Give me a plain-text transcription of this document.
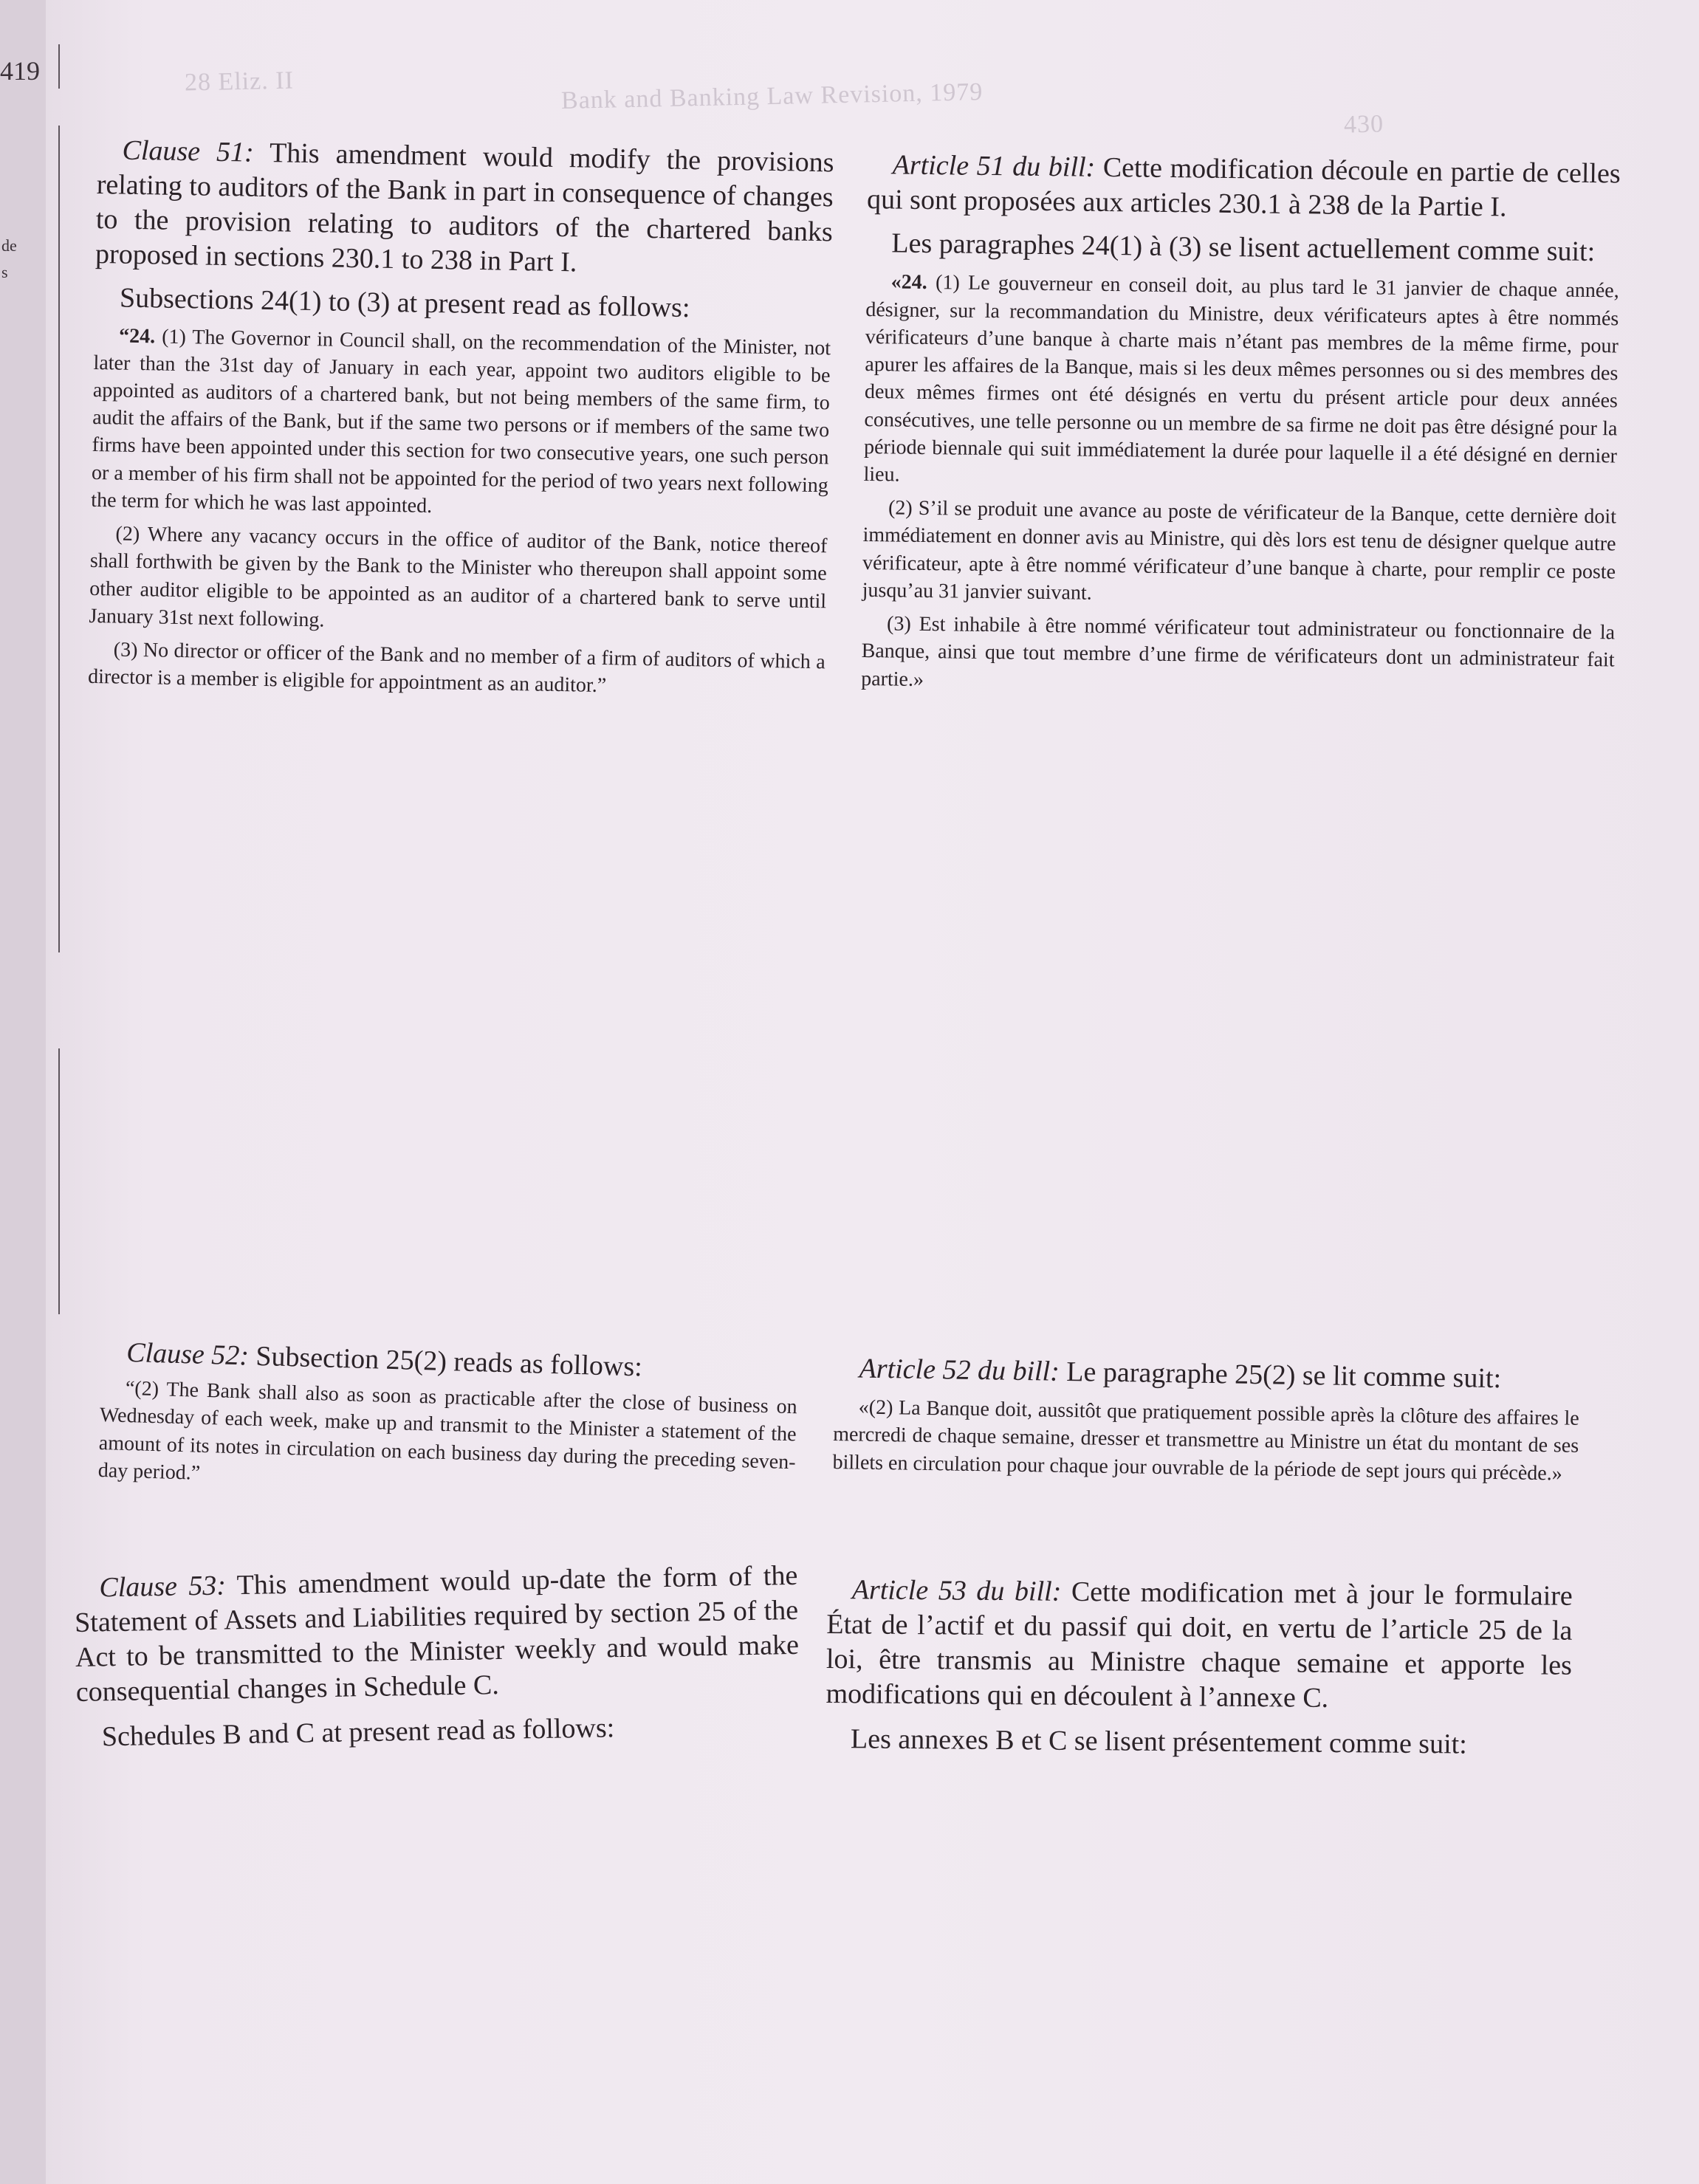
419
de
s
28 Eliz. II	Bank and Banking Law Revision, 1979
430

Clause 51: This amendment would modify the provisions relating to auditors of the Bank in part in consequence of changes to the provision relating to auditors of the chartered banks proposed in sections 230.1 to 238 in Part I.

Subsections 24(1) to (3) at present read as follows:

“24. (1) The Governor in Council shall, on the recommendation of the Minister, not later than the 31st day of January in each year, appoint two auditors eligible to be appointed as auditors of a chartered bank, but not being members of the same firm, to audit the affairs of the Bank, but if the same two persons or if members of the same two firms have been appointed under this section for two consecutive years, one such person or a member of his firm shall not be appointed for the period of two years next following the term for which he was last appointed.

(2) Where any vacancy occurs in the office of auditor of the Bank, notice thereof shall forthwith be given by the Bank to the Minister who thereupon shall appoint some other auditor eligible to be appointed as an auditor of a chartered bank to serve until January 31st next following.

(3) No director or officer of the Bank and no member of a firm of auditors of which a director is a member is eligible for appointment as an auditor.”

Clause 52: Subsection 25(2) reads as follows:

“(2) The Bank shall also as soon as practicable after the close of business on Wednesday of each week, make up and transmit to the Minister a statement of the amount of its notes in circulation on each business day during the preceding seven-day period.”

Clause 53: This amendment would up-date the form of the Statement of Assets and Liabilities required by section 25 of the Act to be transmitted to the Minister weekly and would make consequential changes in Schedule C.

Schedules B and C at present read as follows:

Article 51 du bill: Cette modification découle en partie de celles qui sont proposées aux articles 230.1 à 238 de la Partie I.

Les paragraphes 24(1) à (3) se lisent actuellement comme suit:

«24. (1) Le gouverneur en conseil doit, au plus tard le 31 janvier de chaque année, désigner, sur la recommandation du Ministre, deux vérificateurs aptes à être nommés vérificateurs d’une banque à charte mais n’étant pas membres de la même firme, pour apurer les affaires de la Banque, mais si les deux mêmes personnes ou si des membres des deux mêmes firmes ont été désignés en vertu du présent article pour deux années consécutives, une telle personne ou un membre de sa firme ne doit pas être désigné pour la période biennale qui suit immédiatement la durée pour laquelle il a été désigné en dernier lieu.

(2) S’il se produit une avance au poste de vérificateur de la Banque, cette dernière doit immédiatement en donner avis au Ministre, qui dès lors est tenu de désigner quelque autre vérificateur, apte à être nommé vérificateur d’une banque à charte, pour remplir ce poste jusqu’au 31 janvier suivant.

(3) Est inhabile à être nommé vérificateur tout administrateur ou fonctionnaire de la Banque, ainsi que tout membre d’une firme de vérificateurs dont un administrateur fait partie.»

Article 52 du bill: Le paragraphe 25(2) se lit comme suit:

«(2) La Banque doit, aussitôt que pratiquement possible après la clôture des affaires le mercredi de chaque semaine, dresser et transmettre au Ministre un état du montant de ses billets en circulation pour chaque jour ouvrable de la période de sept jours qui précède.»

Article 53 du bill: Cette modification met à jour le formulaire État de l’actif et du passif qui doit, en vertu de l’article 25 de la loi, être transmis au Ministre chaque semaine et apporte les modifications qui en découlent à l’annexe C.

Les annexes B et C se lisent présentement comme suit:
